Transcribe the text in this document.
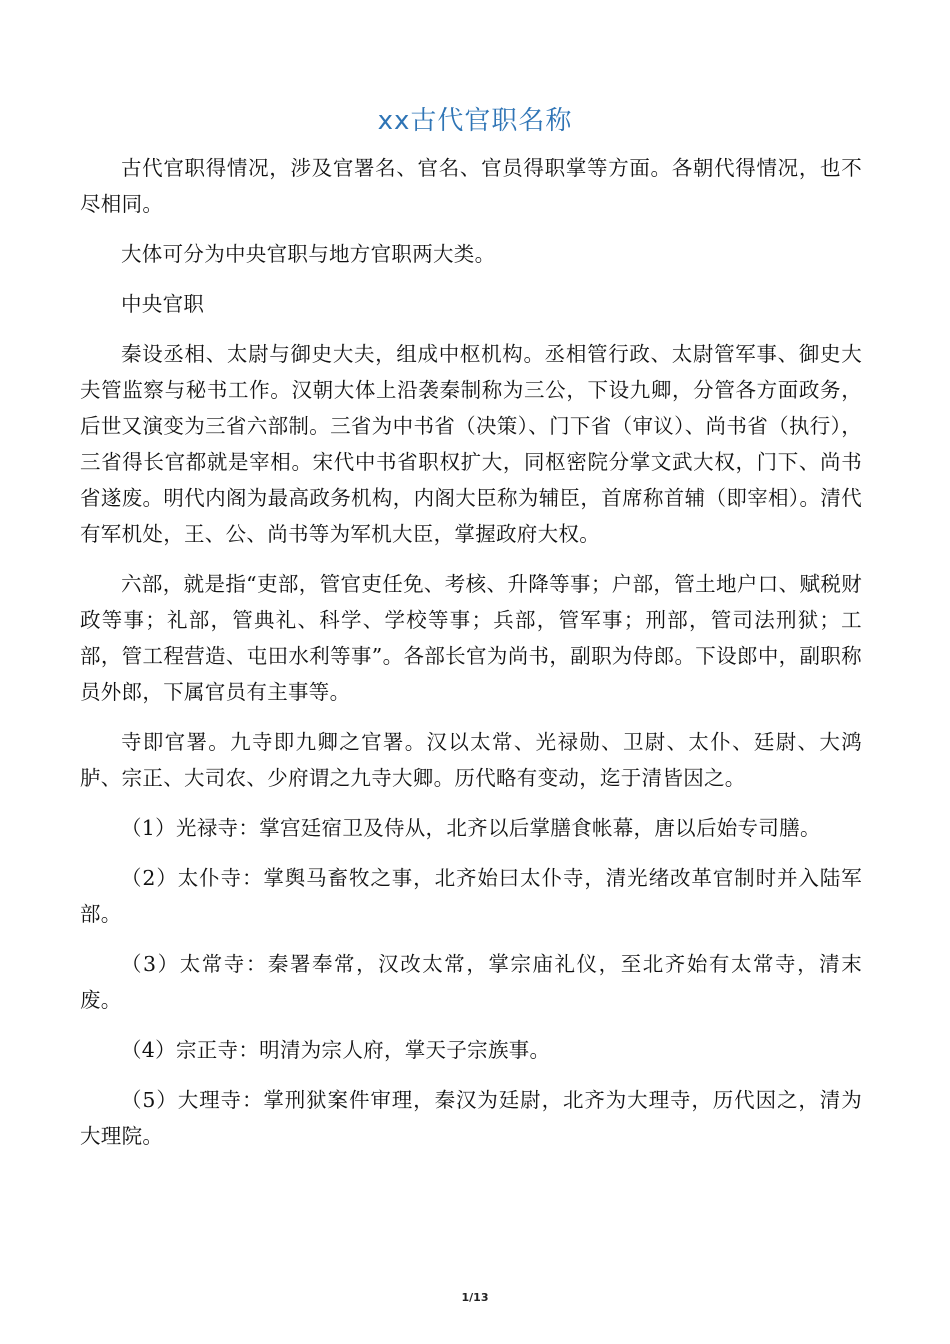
xx古代官职名称

古代官职得情况，涉及官署名、官名、官员得职掌等方面。各朝代得情况，也不尽相同。

大体可分为中央官职与地方官职两大类。

中央官职

秦设丞相、太尉与御史大夫，组成中枢机构。丞相管行政、太尉管军事、御史大夫管监察与秘书工作。汉朝大体上沿袭秦制称为三公，下设九卿，分管各方面政务，后世又演变为三省六部制。三省为中书省（决策）、门下省（审议）、尚书省（执行），三省得长官都就是宰相。宋代中书省职权扩大，同枢密院分掌文武大权，门下、尚书省遂废。明代内阁为最高政务机构，内阁大臣称为辅臣，首席称首辅（即宰相）。清代有军机处，王、公、尚书等为军机大臣，掌握政府大权。

六部，就是指“吏部，管官吏任免、考核、升降等事；户部，管土地户口、赋税财政等事；礼部，管典礼、科学、学校等事；兵部，管军事；刑部，管司法刑狱；工部，管工程营造、屯田水利等事”。各部长官为尚书，副职为侍郎。下设郎中，副职称员外郎，下属官员有主事等。

寺即官署。九寺即九卿之官署。汉以太常、光禄勋、卫尉、太仆、廷尉、大鸿胪、宗正、大司农、少府谓之九寺大卿。历代略有变动，迄于清皆因之。

（1）光禄寺：掌宫廷宿卫及侍从，北齐以后掌膳食帐幕，唐以后始专司膳。

（2）太仆寺：掌舆马畜牧之事，北齐始曰太仆寺，清光绪改革官制时并入陆军部。

（3）太常寺：秦署奉常，汉改太常，掌宗庙礼仪，至北齐始有太常寺，清末废。

（4）宗正寺：明清为宗人府，掌天子宗族事。

（5）大理寺：掌刑狱案件审理，秦汉为廷尉，北齐为大理寺，历代因之，清为大理院。

1/13
